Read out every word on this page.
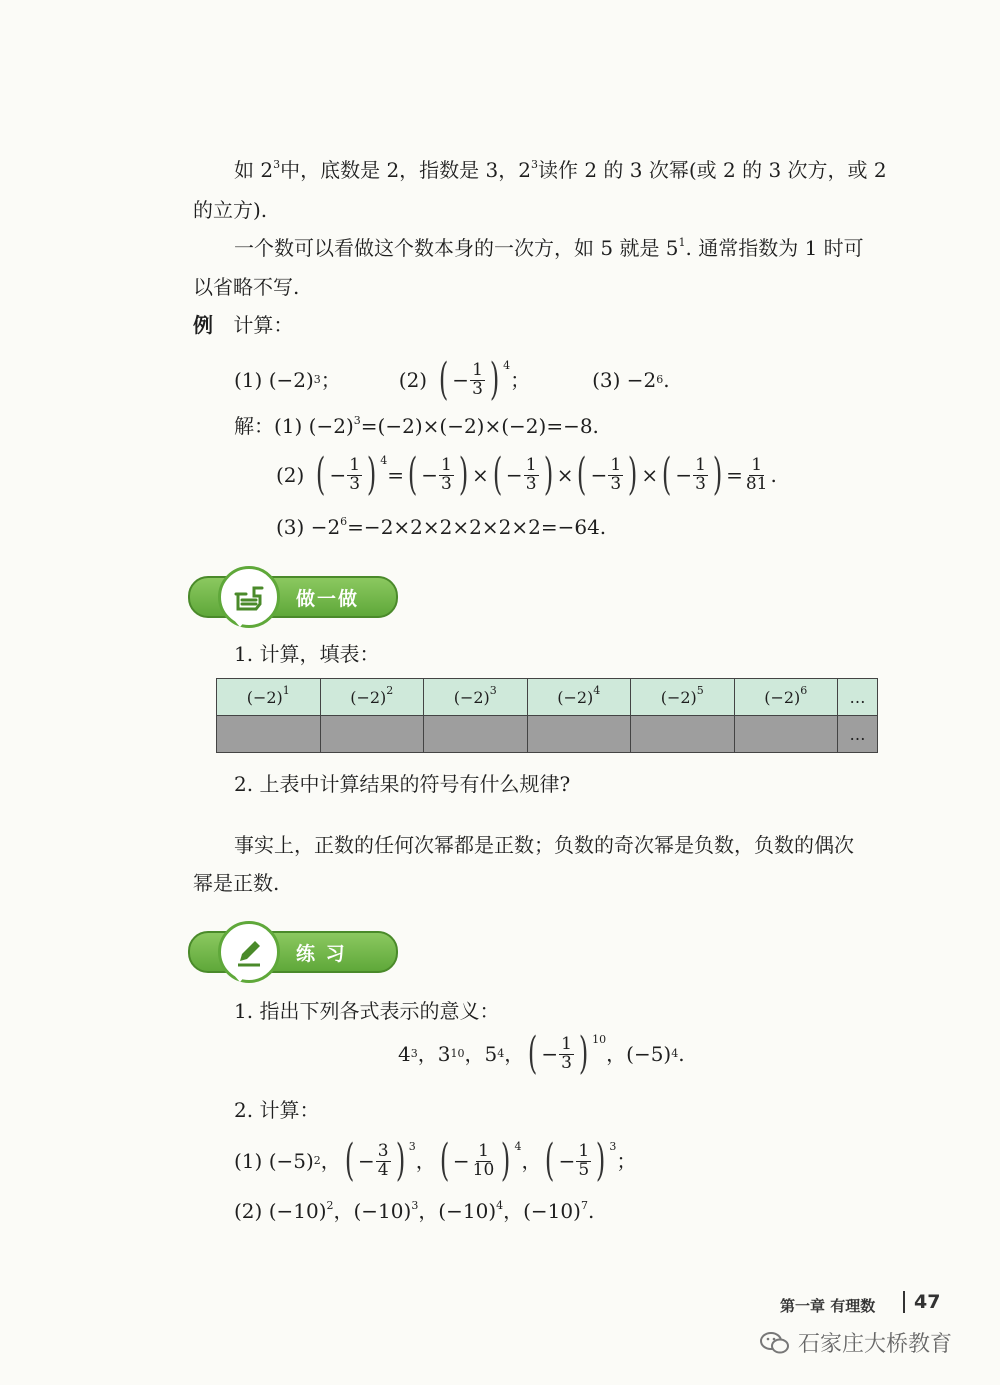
如 $2^3$中，底数是 2，指数是 3，$2^3$读作 2 的 3 次幂(或 2 的 3 次方，或 2
的立方).
一个数可以看做这个数本身的一次方，如 5 就是 $5^1$. 通常指数为 1 时可
以省略不写.
例 计算：
(1) (−2) 3 ；	(2) ( − $\frac{1}{3}$ ) 4
；	(3) −2 6 .
解：(1) $(-2)^3=(-2)\times(-2)\times(-2)=-8$.
(2) ( − $\frac{1}{3}$ ) 4
= ( − $\frac{1}{3}$ ) × ( − $\frac{1}{3}$ ) × ( − $\frac{1}{3}$ ) × ( − $\frac{1}{3}$ ) = $\frac{1}{81}$ .
$(3) -2^6=-2\times 2\times 2\times 2\times 2\times 2=-64$.
做一做
1. 计算，填表：
$(-2)^1$	$(-2)^2$	$(-2)^3$	$(-2)^4$	$(-2)^5$	$(-2)^6$	…
						…
2. 上表中计算结果的符号有什么规律?
事实上，正数的任何次幂都是正数；负数的奇次幂是负数，负数的偶次
幂是正数.
练 习
1. 指出下列各式表示的意义：
4 3 ，3 10 ，5 4 ， ( − $\frac{1}{3}$ ) 10
，(−5) 4 .
2. 计算：
(1) (−5) 2 ， ( − $\frac{3}{4}$ ) 3
， ( − $\frac{1}{10}$ ) 4
， ( − $\frac{1}{5}$ ) 3
；
(2) $(-10)^2$，$(-10)^3$，$(-10)^4$，$(-10)^7$.
第一章 有理数 47
石家庄大桥教育
